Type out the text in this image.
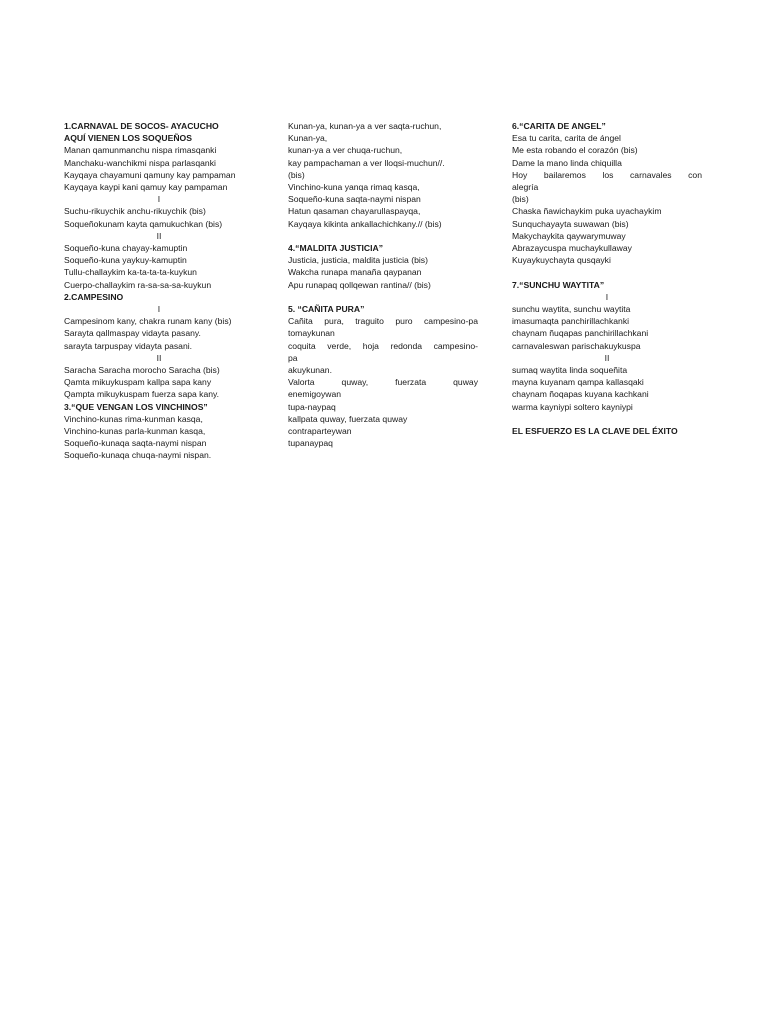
1.CARNAVAL DE SOCOS- AYACUCHO
AQUÍ VIENEN LOS SOQUEÑOS
Manan qamunmanchu nispa rimasqanki
Manchaku-wanchikmi nispa parlasqanki
Kayqaya chayamuni qamuny kay pampaman
Kayqaya kaypi kani qamuy kay pampaman
I
Suchu-rikuychik anchu-rikuychik (bis)
Soqueñokunam kayta qamukuchkan (bis)
II
Soqueño-kuna chayay-kamuptin
Soqueño-kuna yaykuy-kamuptin
Tullu-challaykim ka-ta-ta-ta-kuykun
Cuerpo-challaykim ra-sa-sa-sa-kuykun
2.CAMPESINO
I
Campesinom kany, chakra runam kany (bis)
Sarayta qallmaspay vidayta pasany.
sarayta tarpuspay vidayta pasani.
II
Saracha Saracha morocho Saracha (bis)
Qamta mikuykuspam kallpa sapa kany
Qampta mikuykuspam fuerza sapa kany.
3.“QUE VENGAN LOS VINCHINOS”
Vinchino-kunas rima-kunman kasqa,
Vinchino-kunas parla-kunman kasqa,
Soqueño-kunaqa saqta-naymi nispan
Soqueño-kunaqa chuqa-naymi nispan.
Kunan-ya, kunan-ya a ver saqta-ruchun,
Kunan-ya,
kunan-ya a ver chuqa-ruchun,
kay pampachaman a ver lloqsi-muchun//.
(bis)
Vinchino-kuna yanqa rimaq kasqa,
Soqueño-kuna saqta-naymi nispan
Hatun qasaman chayarullaspayqa,
Kayqaya kikinta ankallachichkany.// (bis)
4.“MALDITA JUSTICIA”
Justicia, justicia, maldita justicia (bis)
Wakcha runapa manaña qaypanan
Apu runapaq qollqewan rantina// (bis)
5. “CAÑITA PURA”
Cañita pura, traguito puro campesino-pa
tomaykunan
coquita verde, hoja redonda campesino-
pa
akuykunan.
Valorta quway, fuerzata quway
enemigoywan
tupa-naypaq
kallpata quway, fuerzata quway
contraparteywan
tupanaypaq
6.“CARITA DE ANGEL”
Esa tu carita, carita de ángel
Me esta robando el corazón (bis)
Dame la mano linda chiquilla
Hoy bailaremos los carnavales con
alegría
(bis)
Chaska ñawichaykim puka uyachaykim
Sunquchayayta suwawan (bis)
Makychaykita qaywarymuway
Abrazaycuspa muchaykullaway
Kuyaykuychayta qusqayki
7.“SUNCHU WAYTITA”
I
sunchu waytita, sunchu waytita
imasumaqta panchirillachkanki
chaynam ñuqapas panchirillachkani
carnavaleswan parischakuykuspa
II
sumaq waytita linda soqueñita
mayna kuyanam qampa kallasqaki
chaynam ñoqapas kuyana kachkani
warma kayniypi soltero kayniypi
EL ESFUERZO ES LA CLAVE DEL ÉXITO
